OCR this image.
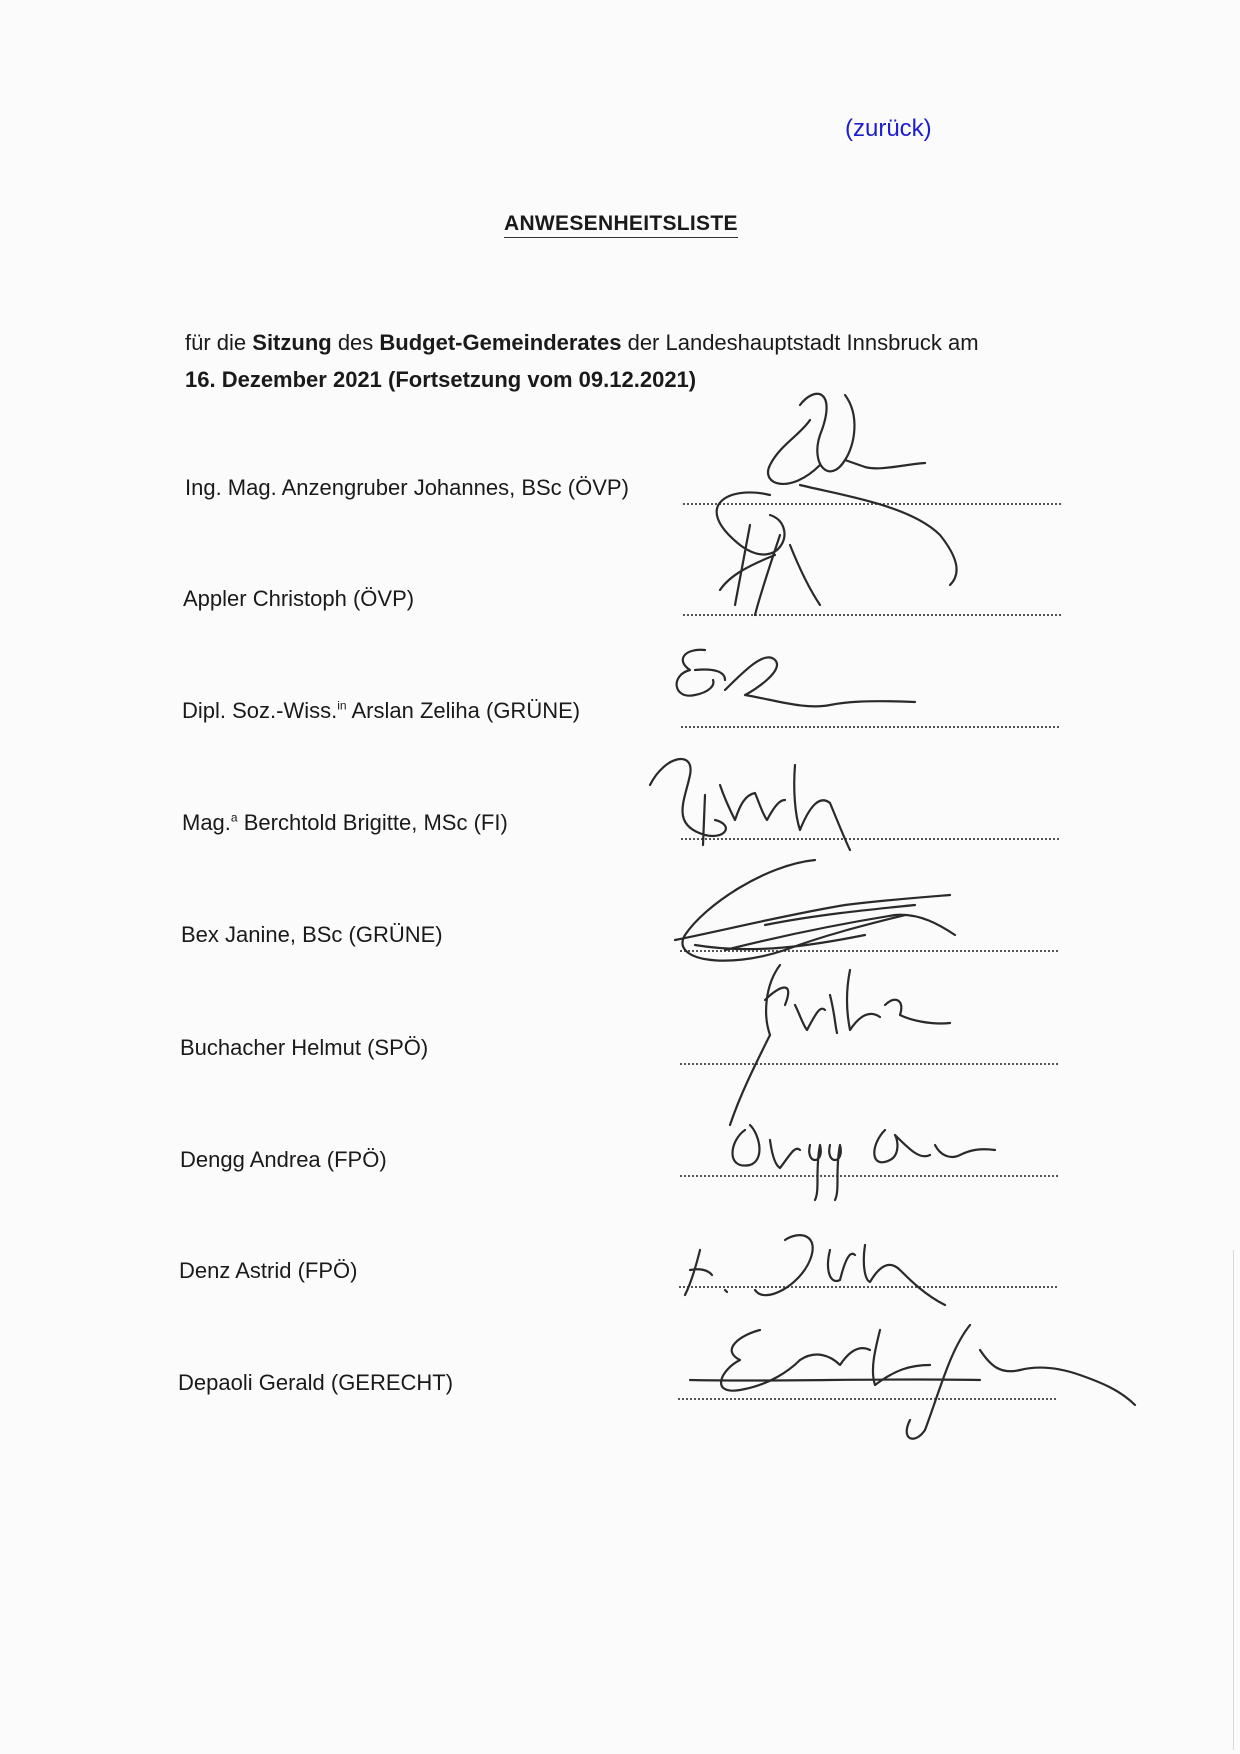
(zurück)
ANWESENHEITSLISTE
für die Sitzung des Budget-Gemeinderates der Landeshauptstadt Innsbruck am
16. Dezember 2021 (Fortsetzung vom 09.12.2021)
Ing. Mag. Anzengruber Johannes, BSc (ÖVP)
Appler Christoph (ÖVP)
Dipl. Soz.-Wiss.$^{in}$ Arslan Zeliha (GRÜNE)
Mag.$^a$ Berchtold Brigitte, MSc (FI)
Bex Janine, BSc (GRÜNE)
Buchacher Helmut (SPÖ)
Dengg Andrea (FPÖ)
Denz Astrid (FPÖ)
Depaoli Gerald (GERECHT)
